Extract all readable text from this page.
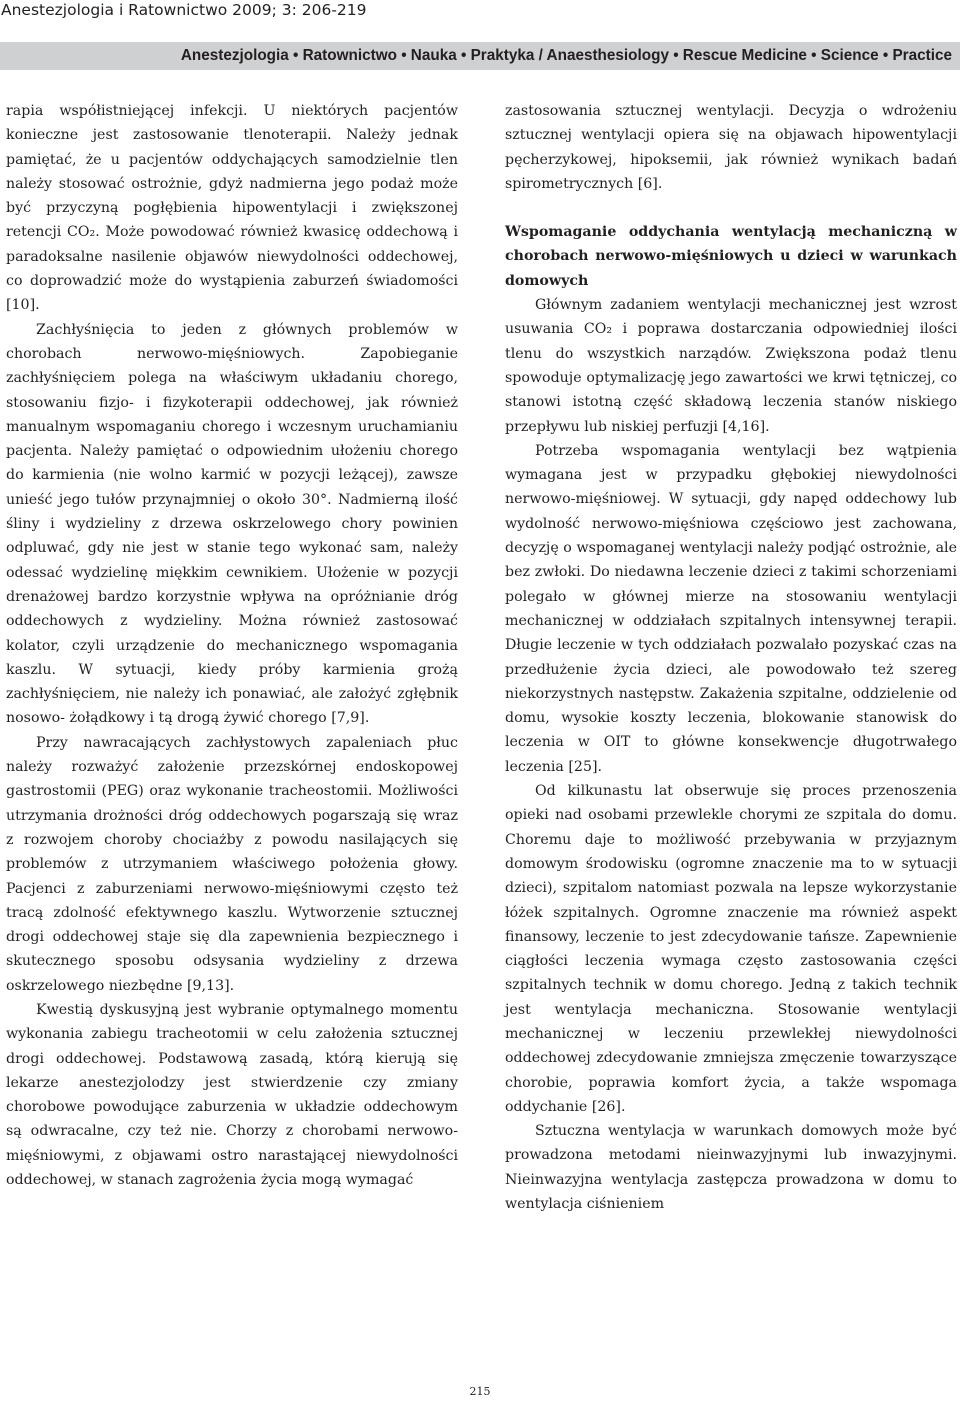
Anestezjologia i Ratownictwo 2009; 3: 206-219
Anestezjologia • Ratownictwo • Nauka • Praktyka / Anaesthesiology • Rescue Medicine • Science • Practice

rapia współistniejącej infekcji. U niektórych pacjentów konieczne jest zastosowanie tlenoterapii. Należy jednak pamiętać, że u pacjentów oddychających samodzielnie tlen należy stosować ostrożnie, gdyż nadmierna jego podaż może być przyczyną pogłębienia hipowentylacji i zwiększonej retencji CO₂. Może powodować również kwasicę oddechową i paradoksalne nasilenie objawów niewydolności oddechowej, co doprowadzić może do wystąpienia zaburzeń świadomości [10].

Zachłyśnięcia to jeden z głównych problemów w chorobach nerwowo-mięśniowych. Zapobieganie zachłyśnięciem polega na właściwym układaniu chorego, stosowaniu fizjo- i fizykoterapii oddechowej, jak również manualnym wspomaganiu chorego i wczesnym uruchamianiu pacjenta. Należy pamiętać o odpowiednim ułożeniu chorego do karmienia (nie wolno karmić w pozycji leżącej), zawsze unieść jego tułów przynajmniej o około 30°. Nadmierną ilość śliny i wydzieliny z drzewa oskrzelowego chory powinien odpluwać, gdy nie jest w stanie tego wykonać sam, należy odessać wydzielinę miękkim cewnikiem. Ułożenie w pozycji drenażowej bardzo korzystnie wpływa na opróżnianie dróg oddechowych z wydzieliny. Można również zastosować kolator, czyli urządzenie do mechanicznego wspomagania kaszlu. W sytuacji, kiedy próby karmienia grożą zachłyśnięciem, nie należy ich ponawiać, ale założyć zgłębnik nosowo- żołądkowy i tą drogą żywić chorego [7,9].

Przy nawracających zachłystowych zapaleniach płuc należy rozważyć założenie przezskórnej endoskopowej gastrostomii (PEG) oraz wykonanie tracheostomii. Możliwości utrzymania drożności dróg oddechowych pogarszają się wraz z rozwojem choroby chociażby z powodu nasilających się problemów z utrzymaniem właściwego położenia głowy. Pacjenci z zaburzeniami nerwowo-mięśniowymi często też tracą zdolność efektywnego kaszlu. Wytworzenie sztucznej drogi oddechowej staje się dla zapewnienia bezpiecznego i skutecznego sposobu odsysania wydzieliny z drzewa oskrzelowego niezbędne [9,13].

Kwestią dyskusyjną jest wybranie optymalnego momentu wykonania zabiegu tracheotomii w celu założenia sztucznej drogi oddechowej. Podstawową zasadą, którą kierują się lekarze anestezjolodzy jest stwierdzenie czy zmiany chorobowe powodujące zaburzenia w układzie oddechowym są odwracalne, czy też nie. Chorzy z chorobami nerwowo-mięśniowymi, z objawami ostro narastającej niewydolności oddechowej, w stanach zagrożenia życia mogą wymagać

zastosowania sztucznej wentylacji. Decyzja o wdrożeniu sztucznej wentylacji opiera się na objawach hipowentylacji pęcherzykowej, hipoksemii, jak również wynikach badań spirometrycznych [6].

Wspomaganie oddychania wentylacją mechaniczną w chorobach nerwowo-mięśniowych u dzieci w warunkach domowych

Głównym zadaniem wentylacji mechanicznej jest wzrost usuwania CO₂ i poprawa dostarczania odpowiedniej ilości tlenu do wszystkich narządów. Zwiększona podaż tlenu spowoduje optymalizację jego zawartości we krwi tętniczej, co stanowi istotną część składową leczenia stanów niskiego przepływu lub niskiej perfuzji [4,16].

Potrzeba wspomagania wentylacji bez wątpienia wymagana jest w przypadku głębokiej niewydolności nerwowo-mięśniowej. W sytuacji, gdy napęd oddechowy lub wydolność nerwowo-mięśniowa częściowo jest zachowana, decyzję o wspomaganej wentylacji należy podjąć ostrożnie, ale bez zwłoki. Do niedawna leczenie dzieci z takimi schorzeniami polegało w głównej mierze na stosowaniu wentylacji mechanicznej w oddziałach szpitalnych intensywnej terapii. Długie leczenie w tych oddziałach pozwalało pozyskać czas na przedłużenie życia dzieci, ale powodowało też szereg niekorzystnych następstw. Zakażenia szpitalne, oddzielenie od domu, wysokie koszty leczenia, blokowanie stanowisk do leczenia w OIT to główne konsekwencje długotrwałego leczenia [25].

Od kilkunastu lat obserwuje się proces przenoszenia opieki nad osobami przewlekle chorymi ze szpitala do domu. Choremu daje to możliwość przebywania w przyjaznym domowym środowisku (ogromne znaczenie ma to w sytuacji dzieci), szpitalom natomiast pozwala na lepsze wykorzystanie łóżek szpitalnych. Ogromne znaczenie ma również aspekt finansowy, leczenie to jest zdecydowanie tańsze. Zapewnienie ciągłości leczenia wymaga często zastosowania części szpitalnych technik w domu chorego. Jedną z takich technik jest wentylacja mechaniczna. Stosowanie wentylacji mechanicznej w leczeniu przewlekłej niewydolności oddechowej zdecydowanie zmniejsza zmęczenie towarzyszące chorobie, poprawia komfort życia, a także wspomaga oddychanie [26].

Sztuczna wentylacja w warunkach domowych może być prowadzona metodami nieinwazyjnymi lub inwazyjnymi. Nieinwazyjna wentylacja zastępcza prowadzona w domu to wentylacja ciśnieniem

215
